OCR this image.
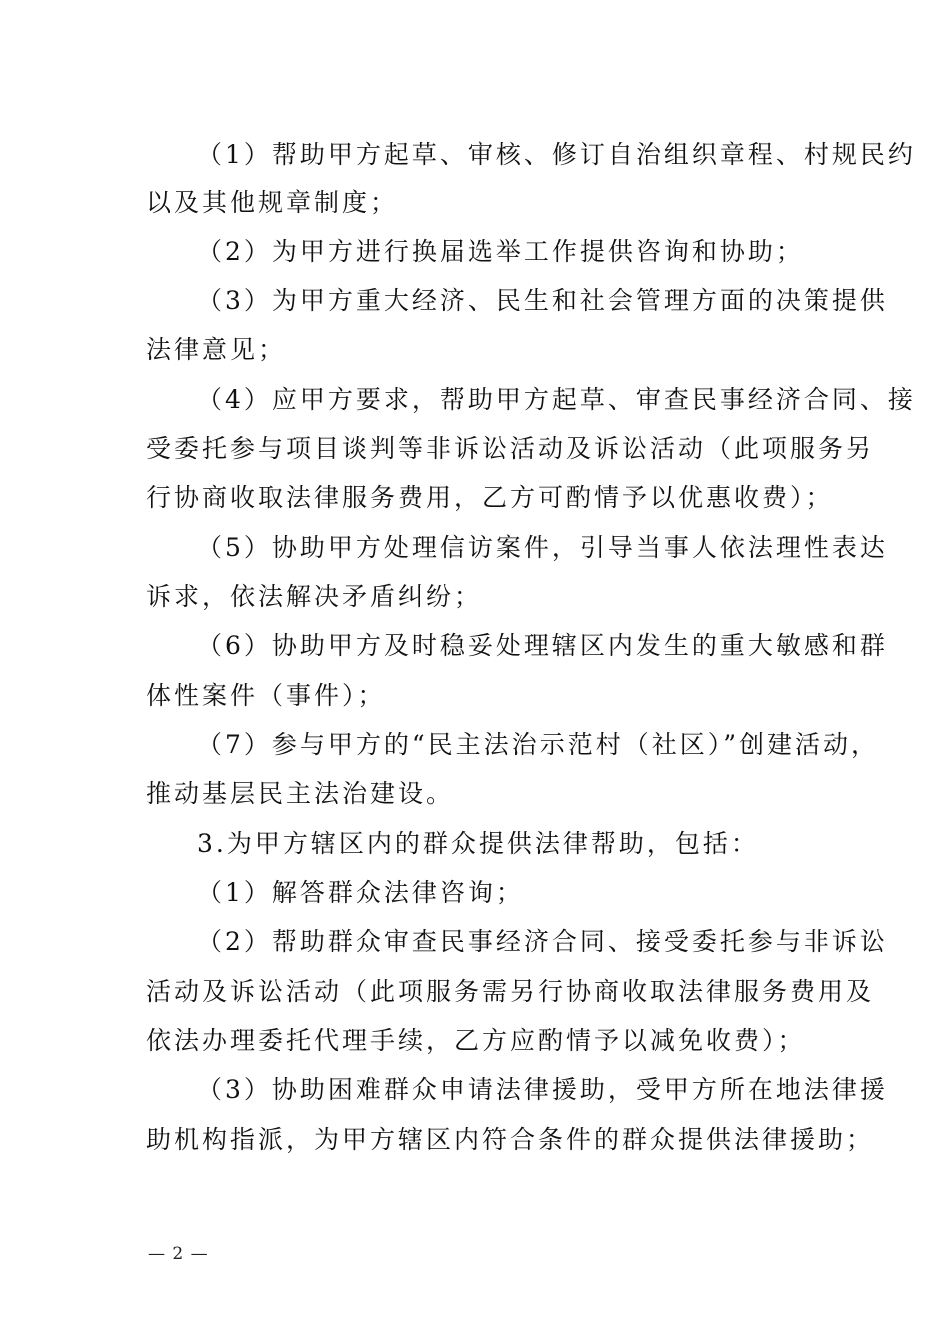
（1）帮助甲方起草、审核、修订自治组织章程、村规民约
以及其他规章制度；
（2）为甲方进行换届选举工作提供咨询和协助；
（3）为甲方重大经济、民生和社会管理方面的决策提供
法律意见；
（4）应甲方要求，帮助甲方起草、审查民事经济合同、接
受委托参与项目谈判等非诉讼活动及诉讼活动（此项服务另
行协商收取法律服务费用，乙方可酌情予以优惠收费）；
（5）协助甲方处理信访案件，引导当事人依法理性表达
诉求，依法解决矛盾纠纷；
（6）协助甲方及时稳妥处理辖区内发生的重大敏感和群
体性案件（事件）；
（7）参与甲方的“民主法治示范村（社区）”创建活动，
推动基层民主法治建设。
3.为甲方辖区内的群众提供法律帮助，包括：
（1）解答群众法律咨询；
（2）帮助群众审查民事经济合同、接受委托参与非诉讼
活动及诉讼活动（此项服务需另行协商收取法律服务费用及
依法办理委托代理手续，乙方应酌情予以减免收费）；
（3）协助困难群众申请法律援助，受甲方所在地法律援
助机构指派，为甲方辖区内符合条件的群众提供法律援助；
— 2 —
